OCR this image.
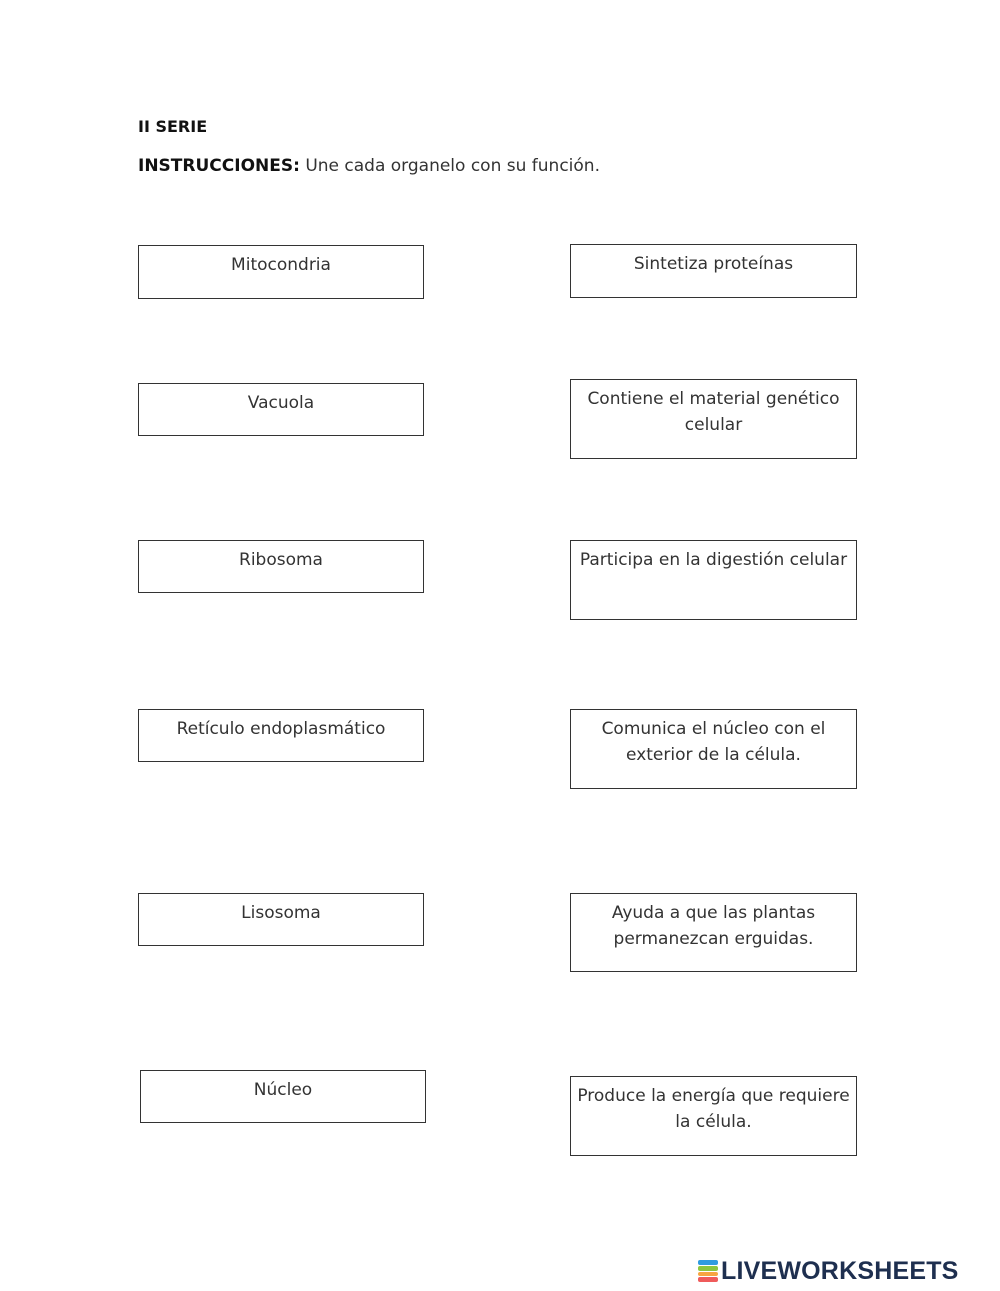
II SERIE

INSTRUCCIONES: Une cada organelo con su función.

Mitocondria
Vacuola
Ribosoma
Retículo endoplasmático
Lisosoma
Núcleo
Sintetiza proteínas
Contiene el material genético celular
Participa en la digestión celular
Comunica el núcleo con el exterior de la célula.
Ayuda a que las plantas permanezcan erguidas.
Produce la energía que requiere la célula.
LIVEWORKSHEETS
